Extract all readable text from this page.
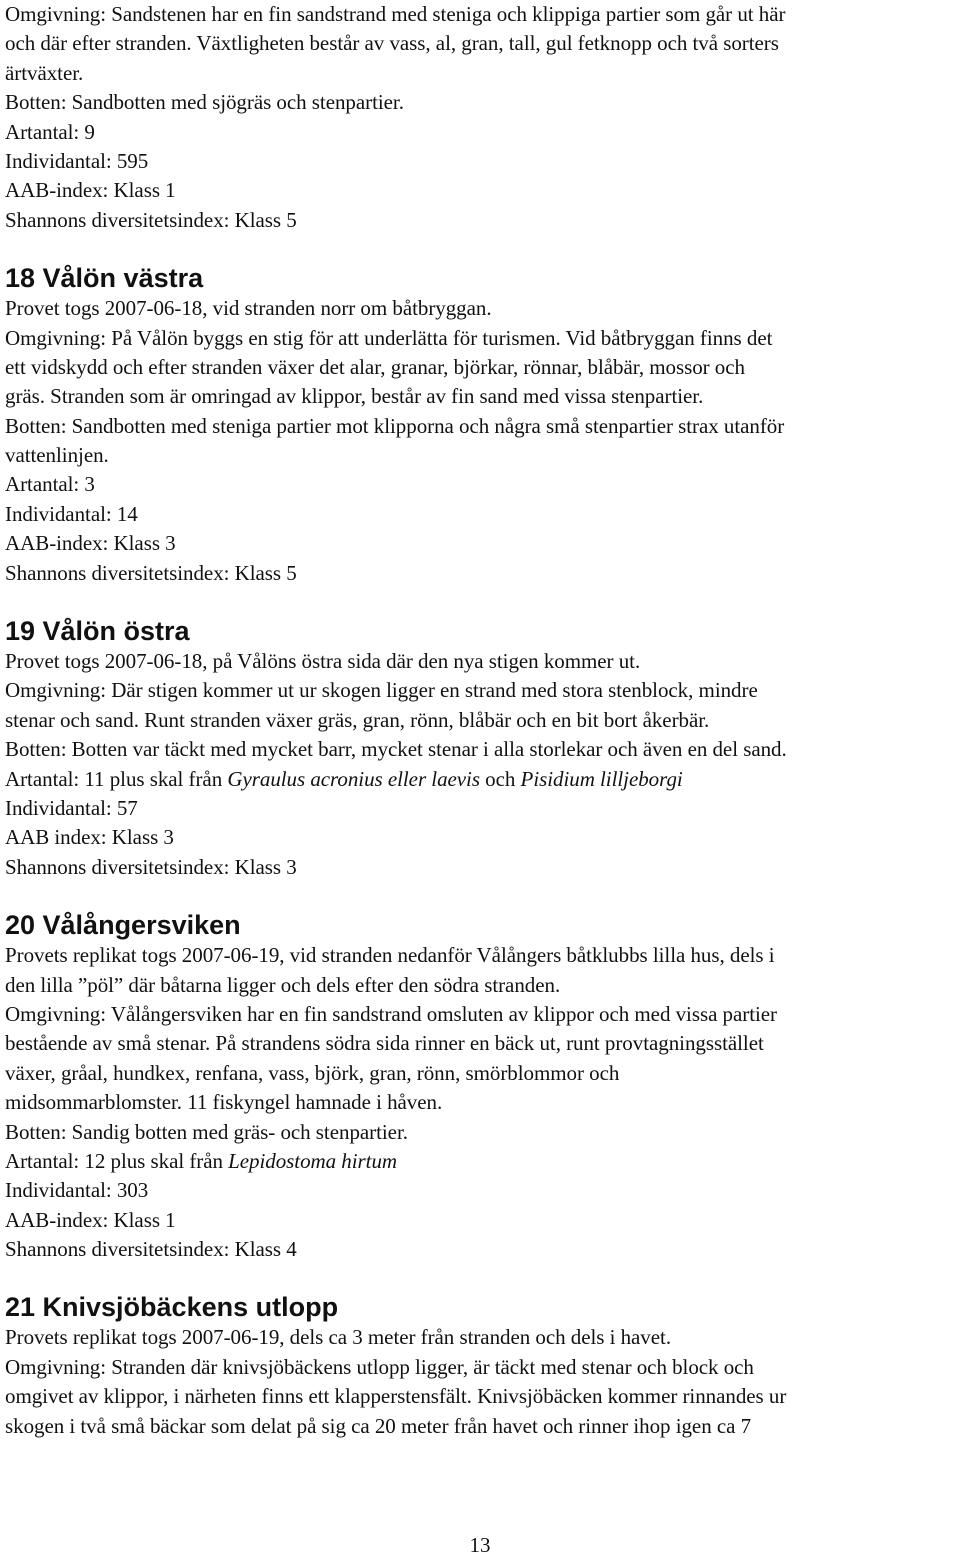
Omgivning: Sandstenen har en fin sandstrand med steniga och klippiga partier som går ut här
och där efter stranden. Växtligheten består av vass, al, gran, tall, gul fetknopp och två sorters
ärtväxter.
Botten: Sandbotten med sjögräs och stenpartier.
Artantal: 9
Individantal: 595
AAB-index: Klass 1
Shannons diversitetsindex: Klass 5
18 Vålön västra
Provet togs 2007-06-18, vid stranden norr om båtbryggan.
Omgivning: På Vålön byggs en stig för att underlätta för turismen. Vid båtbryggan finns det
ett vidskydd och efter stranden växer det alar, granar, björkar, rönnar, blåbär, mossor och
gräs. Stranden som är omringad av klippor, består av fin sand med vissa stenpartier.
Botten: Sandbotten med steniga partier mot klipporna och några små stenpartier strax utanför
vattenlinjen.
Artantal: 3
Individantal: 14
AAB-index: Klass 3
Shannons diversitetsindex: Klass 5
19 Vålön östra
Provet togs 2007-06-18, på Vålöns östra sida där den nya stigen kommer ut.
Omgivning: Där stigen kommer ut ur skogen ligger en strand med stora stenblock, mindre
stenar och sand. Runt stranden växer gräs, gran, rönn, blåbär och en bit bort åkerbär.
Botten: Botten var täckt med mycket barr, mycket stenar i alla storlekar och även en del sand.
Artantal: 11 plus skal från Gyraulus acronius eller laevis och Pisidium lilljeborgi
Individantal: 57
AAB index: Klass 3
Shannons diversitetsindex: Klass 3
20 Vålångersviken
Provets replikat togs 2007-06-19, vid stranden nedanför Vålångers båtklubbs lilla hus, dels i
den lilla ”pöl” där båtarna ligger och dels efter den södra stranden.
Omgivning: Vålångersviken har en fin sandstrand omsluten av klippor och med vissa partier
bestående av små stenar. På strandens södra sida rinner en bäck ut, runt provtagningsstället
växer, gråal, hundkex, renfana, vass, björk, gran, rönn, smörblommor och
midsommarblomster. 11 fiskyngel hamnade i håven.
Botten: Sandig botten med gräs- och stenpartier.
Artantal: 12 plus skal från Lepidostoma hirtum
Individantal: 303
AAB-index: Klass 1
Shannons diversitetsindex: Klass 4
21 Knivsjöbäckens utlopp
Provets replikat togs 2007-06-19, dels ca 3 meter från stranden och dels i havet.
Omgivning: Stranden där knivsjöbäckens utlopp ligger, är täckt med stenar och block och
omgivet av klippor, i närheten finns ett klapperstensfält. Knivsjöbäcken kommer rinnandes ur
skogen i två små bäckar som delat på sig ca 20 meter från havet och rinner ihop igen ca 7
13
